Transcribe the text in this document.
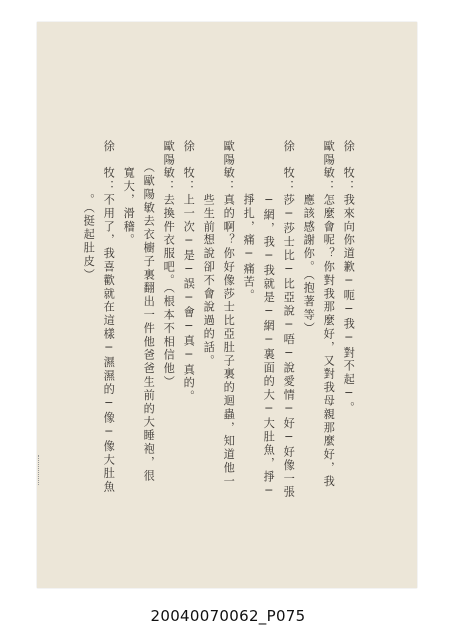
徐　牧：我來向你道歉─呃─我─對不起─。
歐陽敏：怎麼會呢？你對我那麼好，又對我母親那麼好，我
　　　　應該感謝你。（抱著等）
徐　牧：莎─莎士比─比亞說─唔─說愛情─好─好像一張
　　　　─網，我─我就是─網─裏面的大─大肚魚，掙─
　　　　掙扎，痛─痛苦。
歐陽敏：真的啊？你好像莎士比亞肚子裏的迴蟲，知道他一
　　　　些生前想說卻不會說過的話。
徐　牧：上一次─是─誤─會─真─真的。
歐陽敏：去換件衣服吧。（根本不相信他）
　　（歐陽敏去衣櫥子裏翻出一件他爸爸生前的大睡袍，很
　　寬大，滑稽。
徐　牧：不用了，我喜歡就在這樣─濕濕的─像─像大肚魚
　　　　。（挺起肚皮）
20040070062_P075
